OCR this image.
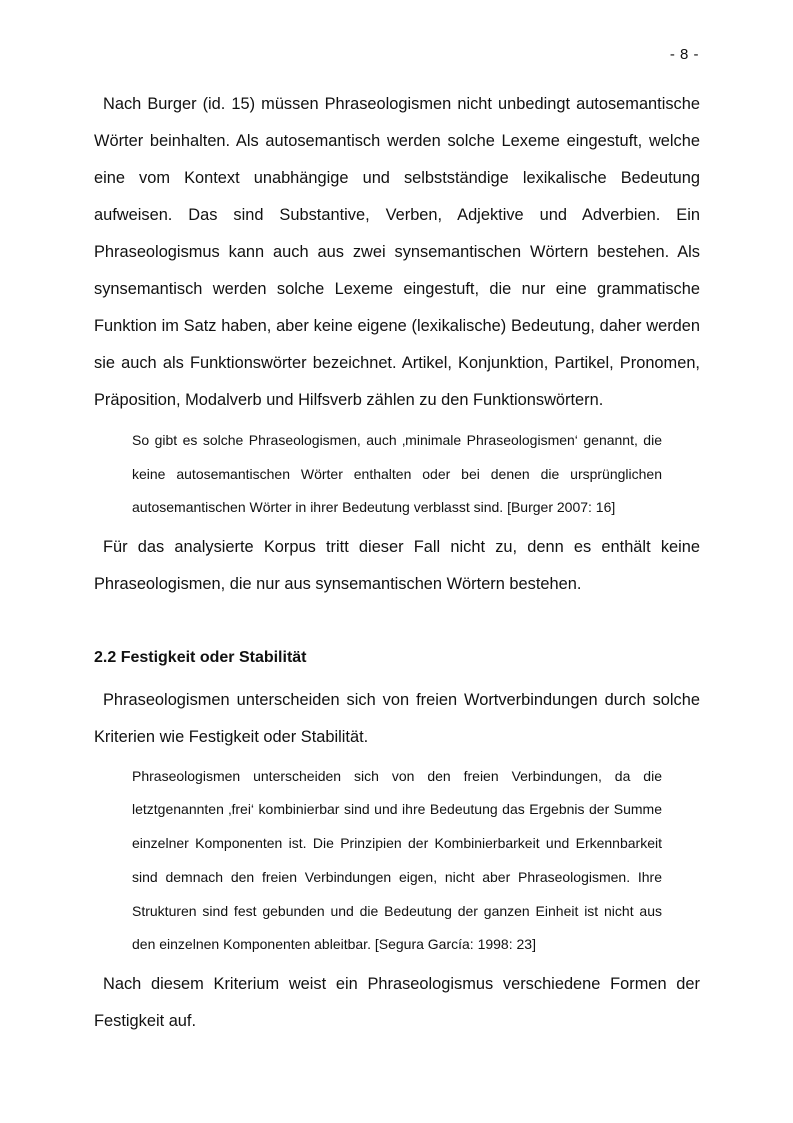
- 8 -

Nach Burger (id. 15) müssen Phraseologismen nicht unbedingt autosemantische Wörter beinhalten. Als autosemantisch werden solche Lexeme eingestuft, welche eine vom Kontext unabhängige und selbstständige lexikalische Bedeutung aufweisen. Das sind Substantive, Verben, Adjektive und Adverbien. Ein Phraseologismus kann auch aus zwei synsemantischen Wörtern bestehen. Als synsemantisch werden solche Lexeme eingestuft, die nur eine grammatische Funktion im Satz haben, aber keine eigene (lexikalische) Bedeutung, daher werden sie auch als Funktionswörter bezeichnet. Artikel, Konjunktion, Partikel, Pronomen, Präposition, Modalverb und Hilfsverb zählen zu den Funktionswörtern.

So gibt es solche Phraseologismen, auch ‚minimale Phraseologismen‘ genannt, die keine autosemantischen Wörter enthalten oder bei denen die ursprünglichen autosemantischen Wörter in ihrer Bedeutung verblasst sind. [Burger 2007: 16]

Für das analysierte Korpus tritt dieser Fall nicht zu, denn es enthält keine Phraseologismen, die nur aus synsemantischen Wörtern bestehen.

2.2 Festigkeit oder Stabilität

Phraseologismen unterscheiden sich von freien Wortverbindungen durch solche Kriterien wie Festigkeit oder Stabilität.

Phraseologismen unterscheiden sich von den freien Verbindungen, da die letztgenannten ‚frei‘ kombinierbar sind und ihre Bedeutung das Ergebnis der Summe einzelner Komponenten ist. Die Prinzipien der Kombinierbarkeit und Erkennbarkeit sind demnach den freien Verbindungen eigen, nicht aber Phraseologismen. Ihre Strukturen sind fest gebunden und die Bedeutung der ganzen Einheit ist nicht aus den einzelnen Komponenten ableitbar. [Segura García: 1998: 23]

Nach diesem Kriterium weist ein Phraseologismus verschiedene Formen der Festigkeit auf.
